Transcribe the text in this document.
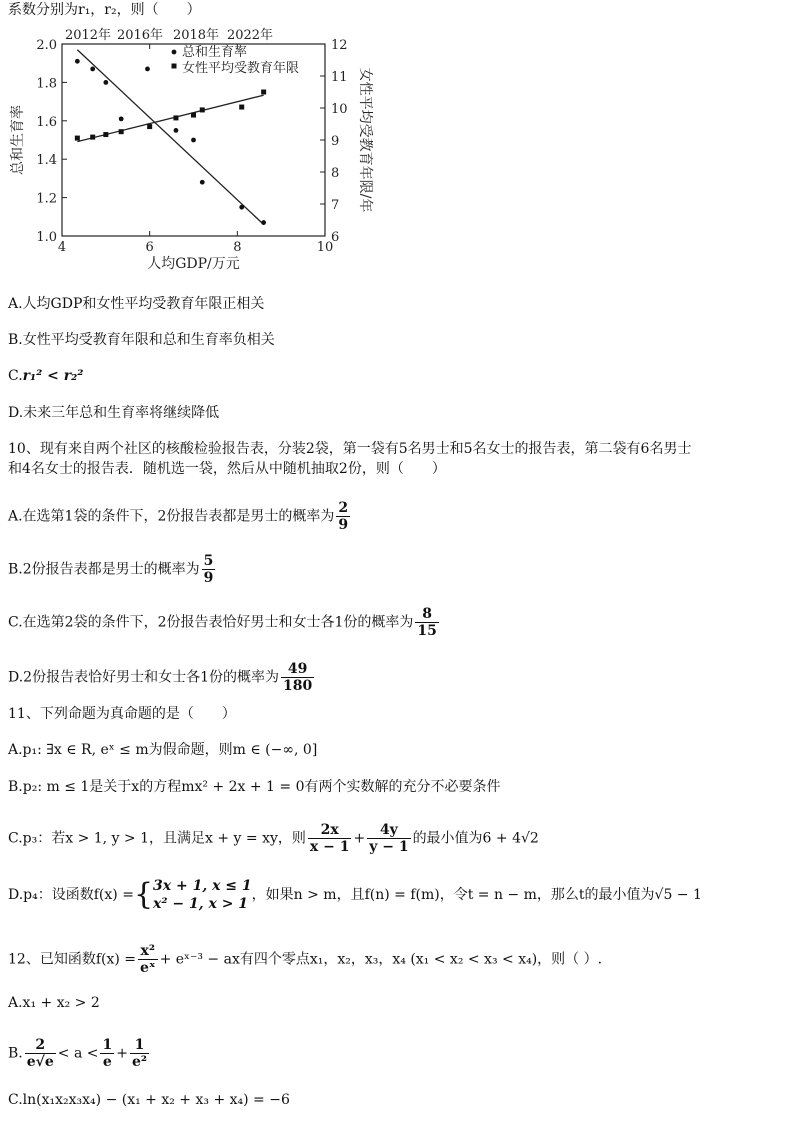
系数分别为r₁，r₂，则（　　）
4	6	8	10
1.0
1.2
1.4
1.6
1.8
2.0
6
7
8
9
10
11
12
2012年 2016年 2018年 2022年
人均GDP/万元
总和生育率	女性平均受教育年限/年
总和生育率
女性平均受教育年限
A.人均GDP和女性平均受教育年限正相关
B.女性平均受教育年限和总和生育率负相关
C.r₁² < r₂²
D.未来三年总和生育率将继续降低
10、现有来自两个社区的核酸检验报告表，分装2袋，第一袋有5名男士和5名女士的报告表，第二袋有6名男士
和4名女士的报告表．随机选一袋，然后从中随机抽取2份，则（　　）
A.在选第1袋的条件下，2份报告表都是男士的概率为 $\frac{2}{9}$
B.2份报告表都是男士的概率为 $\frac{5}{9}$
C.在选第2袋的条件下，2份报告表恰好男士和女士各1份的概率为 $\frac{8}{15}$
D.2份报告表恰好男士和女士各1份的概率为 $\frac{49}{180}$
11、下列命题为真命题的是（　　）
A.p₁: ∃x ∈ R, eˣ ≤ m为假命题，则m ∈ (−∞, 0]
B.p₂: m ≤ 1是关于x的方程mx² + 2x + 1 = 0有两个实数解的充分不必要条件
C.p₃：若x > 1, y > 1，且满足x + y = xy，则 $\frac{2x}{x - 1} + \frac{4y}{y - 1}$ 的最小值为6 + 4√2
D.p₄：设函数f(x) ={ 3x + 1, x ≤ 1
x² − 1, x > 1
，如果n > m，且f(n) = f(m)，令t = n − m，那么t的最小值为√5 − 1
12、已知函数$f(x) = \frac{\text{x²}}{\text{eˣ}}$ + eˣ⁻³ − ax有四个零点x₁，x₂，x₃，x₄ (x₁ < x₂ < x₃ < x₄)，则（ ）.
A.x₁ + x₂ > 2
B. $\frac{2}{e√e} < a < \frac{1}{e} + \frac{1}{\text{e²}}$
C.ln(x₁x₂x₃x₄) − (x₁ + x₂ + x₃ + x₄) = −6
